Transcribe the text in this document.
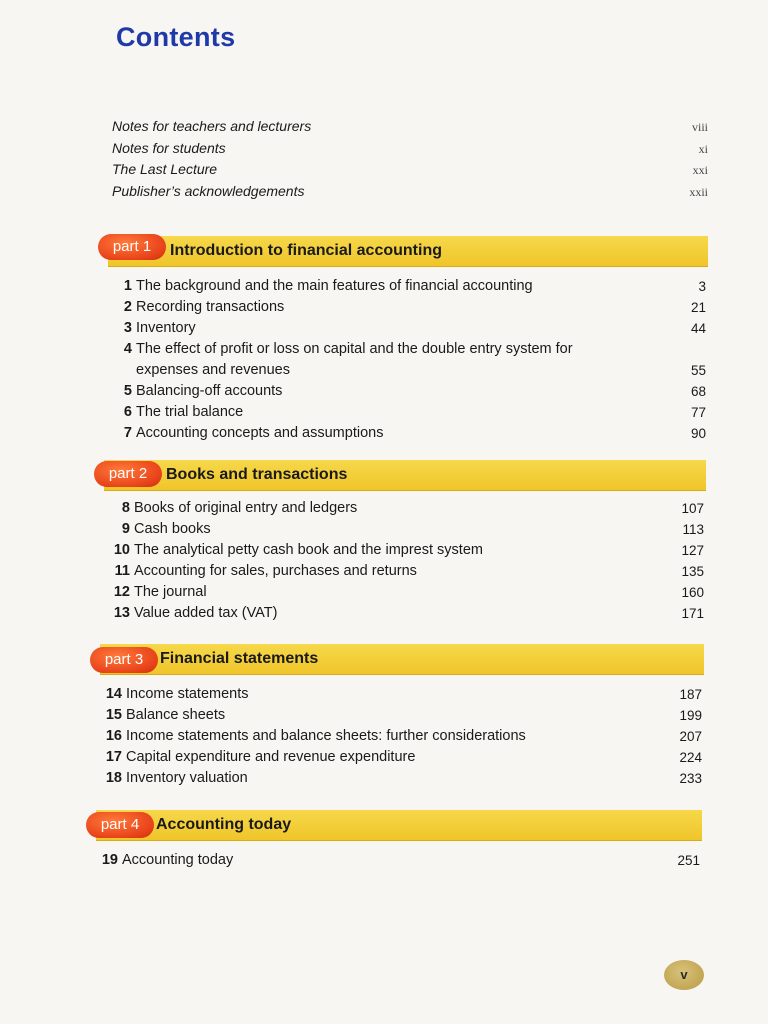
Contents
Notes for teachers and lecturers	viii
Notes for students	xi
The Last Lecture	xxi
Publisher’s acknowledgements	xxii
part 1	Introduction to financial accounting
1 The background and the main features of financial accounting	3
2 Recording transactions	21
3 Inventory	44
4 The effect of profit or loss on capital and the double entry system for expenses and revenues	55
5 Balancing-off accounts	68
6 The trial balance	77
7 Accounting concepts and assumptions	90
part 2	Books and transactions
8 Books of original entry and ledgers	107
9 Cash books	113
10 The analytical petty cash book and the imprest system	127
11 Accounting for sales, purchases and returns	135
12 The journal	160
13 Value added tax (VAT)	171
part 3	Financial statements
14 Income statements	187
15 Balance sheets	199
16 Income statements and balance sheets: further considerations	207
17 Capital expenditure and revenue expenditure	224
18 Inventory valuation	233
part 4	Accounting today
19 Accounting today	251
v
